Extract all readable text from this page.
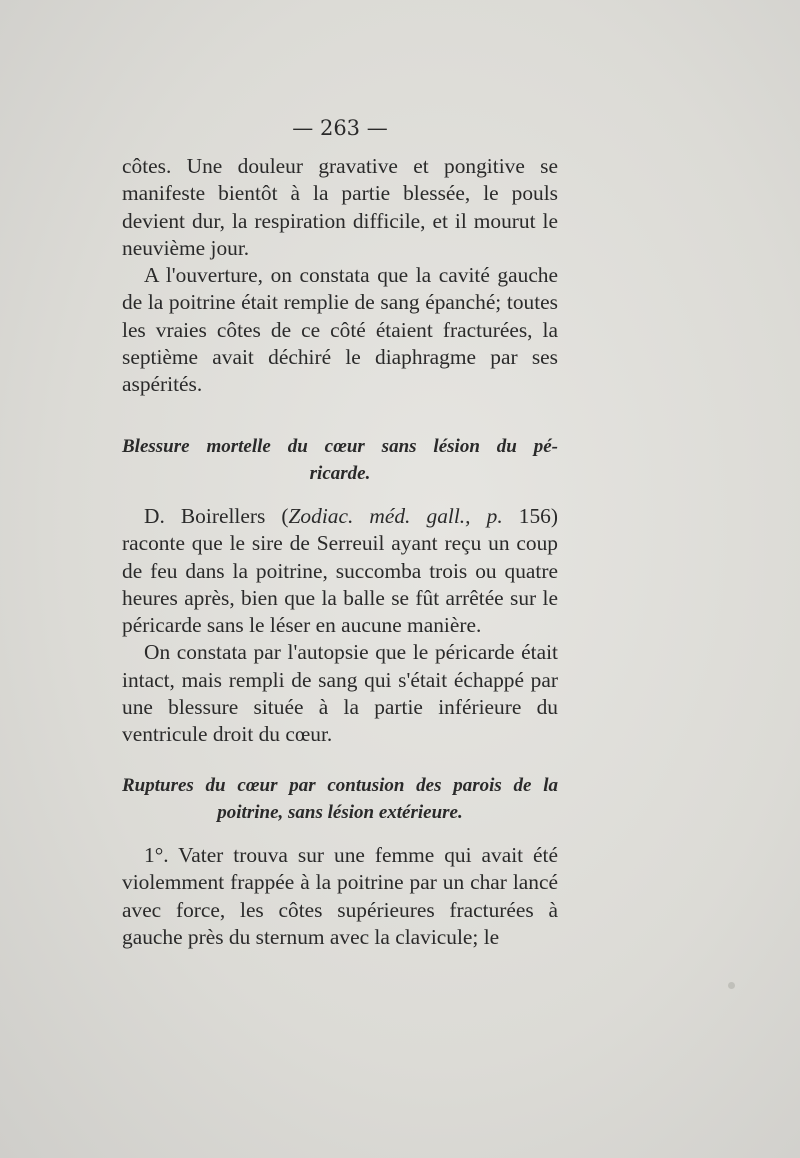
— 263 —

côtes. Une douleur gravative et pongitive se manifeste bientôt à la partie blessée, le pouls devient dur, la respiration difficile, et il mourut le neuvième jour.

A l'ouverture, on constata que la cavité gauche de la poitrine était remplie de sang épanché; toutes les vraies côtes de ce côté étaient fracturées, la septième avait déchiré le diaphragme par ses aspérités.

Blessure mortelle du cœur sans lésion du pé-
ricarde.

D. Boirellers (Zodiac. méd. gall., p. 156) raconte que le sire de Serreuil ayant reçu un coup de feu dans la poitrine, succomba trois ou quatre heures après, bien que la balle se fût arrêtée sur le péricarde sans le léser en aucune manière.

On constata par l'autopsie que le péricarde était intact, mais rempli de sang qui s'était échappé par une blessure située à la partie inférieure du ventricule droit du cœur.

Ruptures du cœur par contusion des parois de la
poitrine, sans lésion extérieure.

1°. Vater trouva sur une femme qui avait été violemment frappée à la poitrine par un char lancé avec force, les côtes supérieures fracturées à gauche près du sternum avec la clavicule; le
